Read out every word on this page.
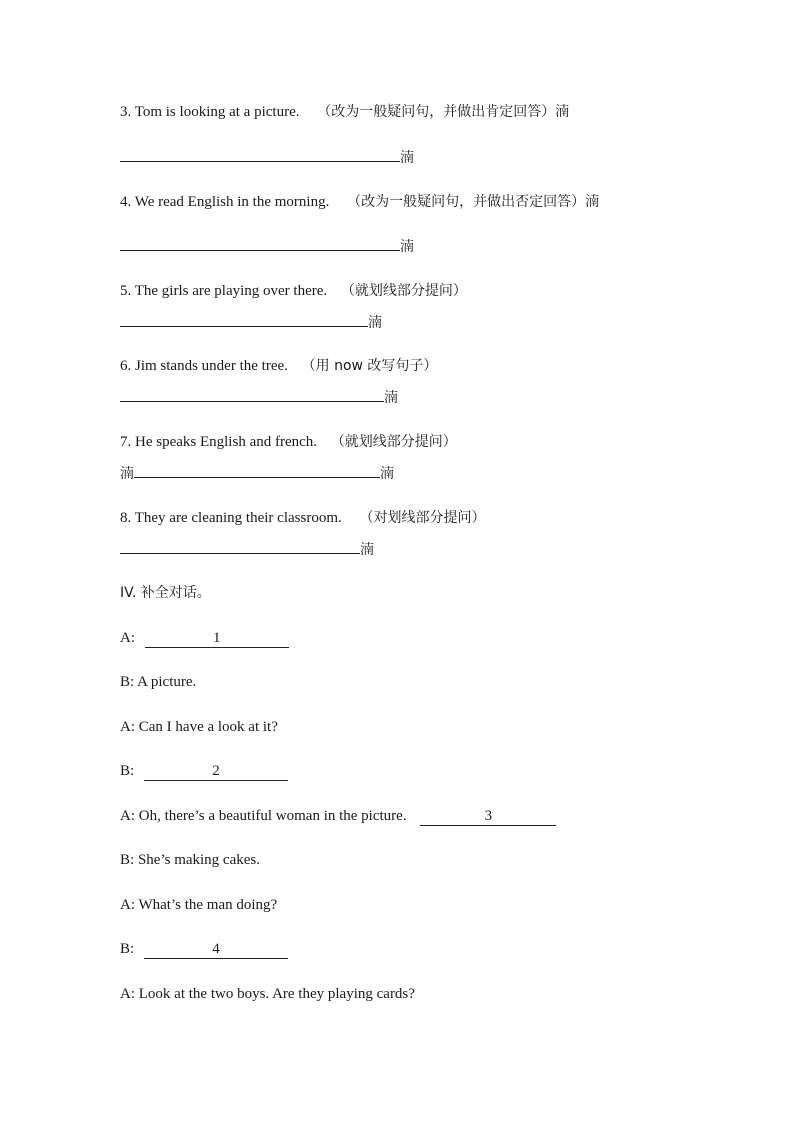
3. Tom is looking at a picture. （改为一般疑问句，并做出肯定回答）湳
湳
4. We read English in the morning. （改为一般疑问句，并做出否定回答）湳
湳
5. The girls are playing over there. （就划线部分提问）
湳
6. Jim stands under the tree. （用 now 改写句子）
湳
7. He speaks English and french. （就划线部分提问）
湳	湳
8. They are cleaning their classroom. （对划线部分提问）
湳
IV. 补全对话。
A:	1
B: A picture.
A: Can I have a look at it?
B:	2
A: Oh, there’s a beautiful woman in the picture.	3
B: She’s making cakes.
A: What’s the man doing?
B:	4
A: Look at the two boys. Are they playing cards?
